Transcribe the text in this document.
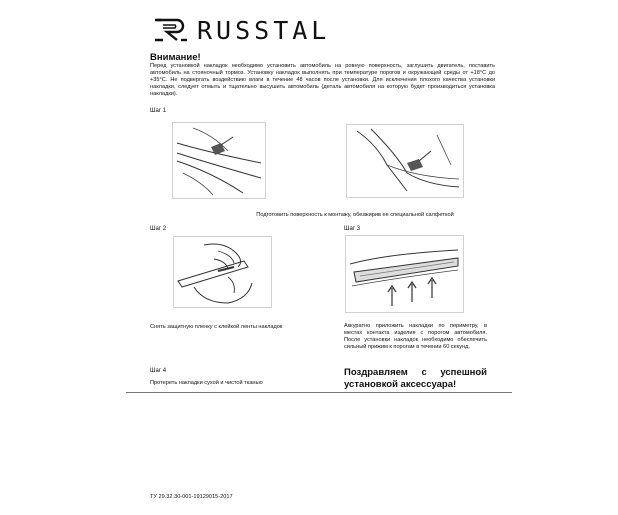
RUSSTAL
Внимание!
Перед установкой накладок необходимо установить автомобиль на ровную поверхность, заглушить двигатель, поставить автомобиль на стояночный тормоз. Установку накладок выполнять при температуре порогов и окружающей среды от +18°С до +35°С. Не подвергать воздействию влаги в течение 48 часов после установки. Для исключения плохого качества установки накладки, следует отмыть и тщательно высушить автомобиль (деталь автомобиля на которую будет производиться установка накладки).
Шаг 1
Подготовить поверхность к монтажу, обезжирив ее специальной салфеткой
Шаг 2
Снять защитную пленку с клейкой ленты накладок
Шаг 3
Аккуратно приложить накладки по периметру, в местах контакта изделия с порогом автомобиля. После установки накладок необходимо обеспечить сильный прижим к порогам в течении 60 секунд.
Шаг 4
Протереть накладки сухой и чистой тканью
Поздравляем с успешной установкой аксессуара!
ТУ 29.32.30-001-19129015-2017
